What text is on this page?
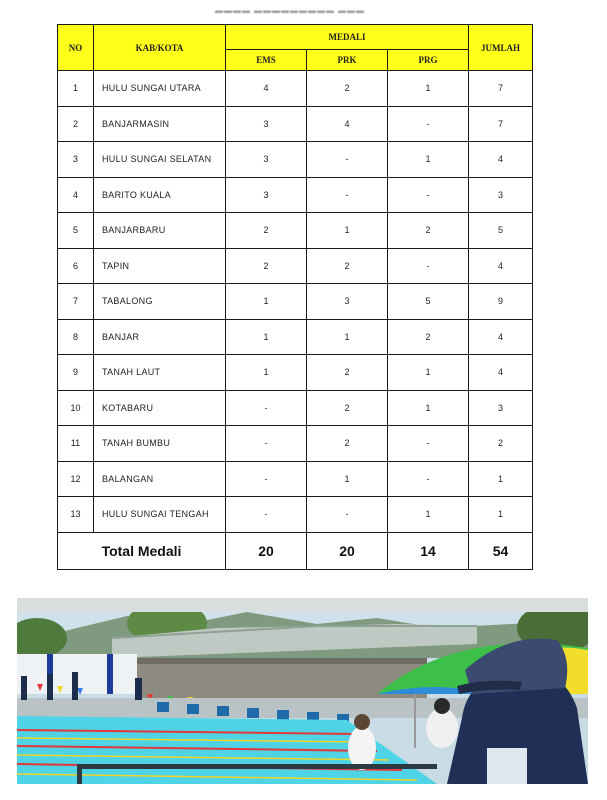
▬▬▬▬ ▬▬▬▬▬▬▬▬▬ ▬▬▬
NO	KAB/KOTA	MEDALI			JUMLAH
		EMS	PRK	PRG	
1	HULU SUNGAI UTARA	4	2	1	7
2	BANJARMASIN	3	4	-	7
3	HULU SUNGAI SELATAN	3	-	1	4
4	BARITO KUALA	3	-	-	3
5	BANJARBARU	2	1	2	5
6	TAPIN	2	2	-	4
7	TABALONG	1	3	5	9
8	BANJAR	1	1	2	4
9	TANAH LAUT	1	2	1	4
10	KOTABARU	-	2	1	3
11	TANAH BUMBU	-	2	-	2
12	BALANGAN	-	1	-	1
13	HULU SUNGAI TENGAH	-	-	1	1
Total Medali		20	20	14	54
